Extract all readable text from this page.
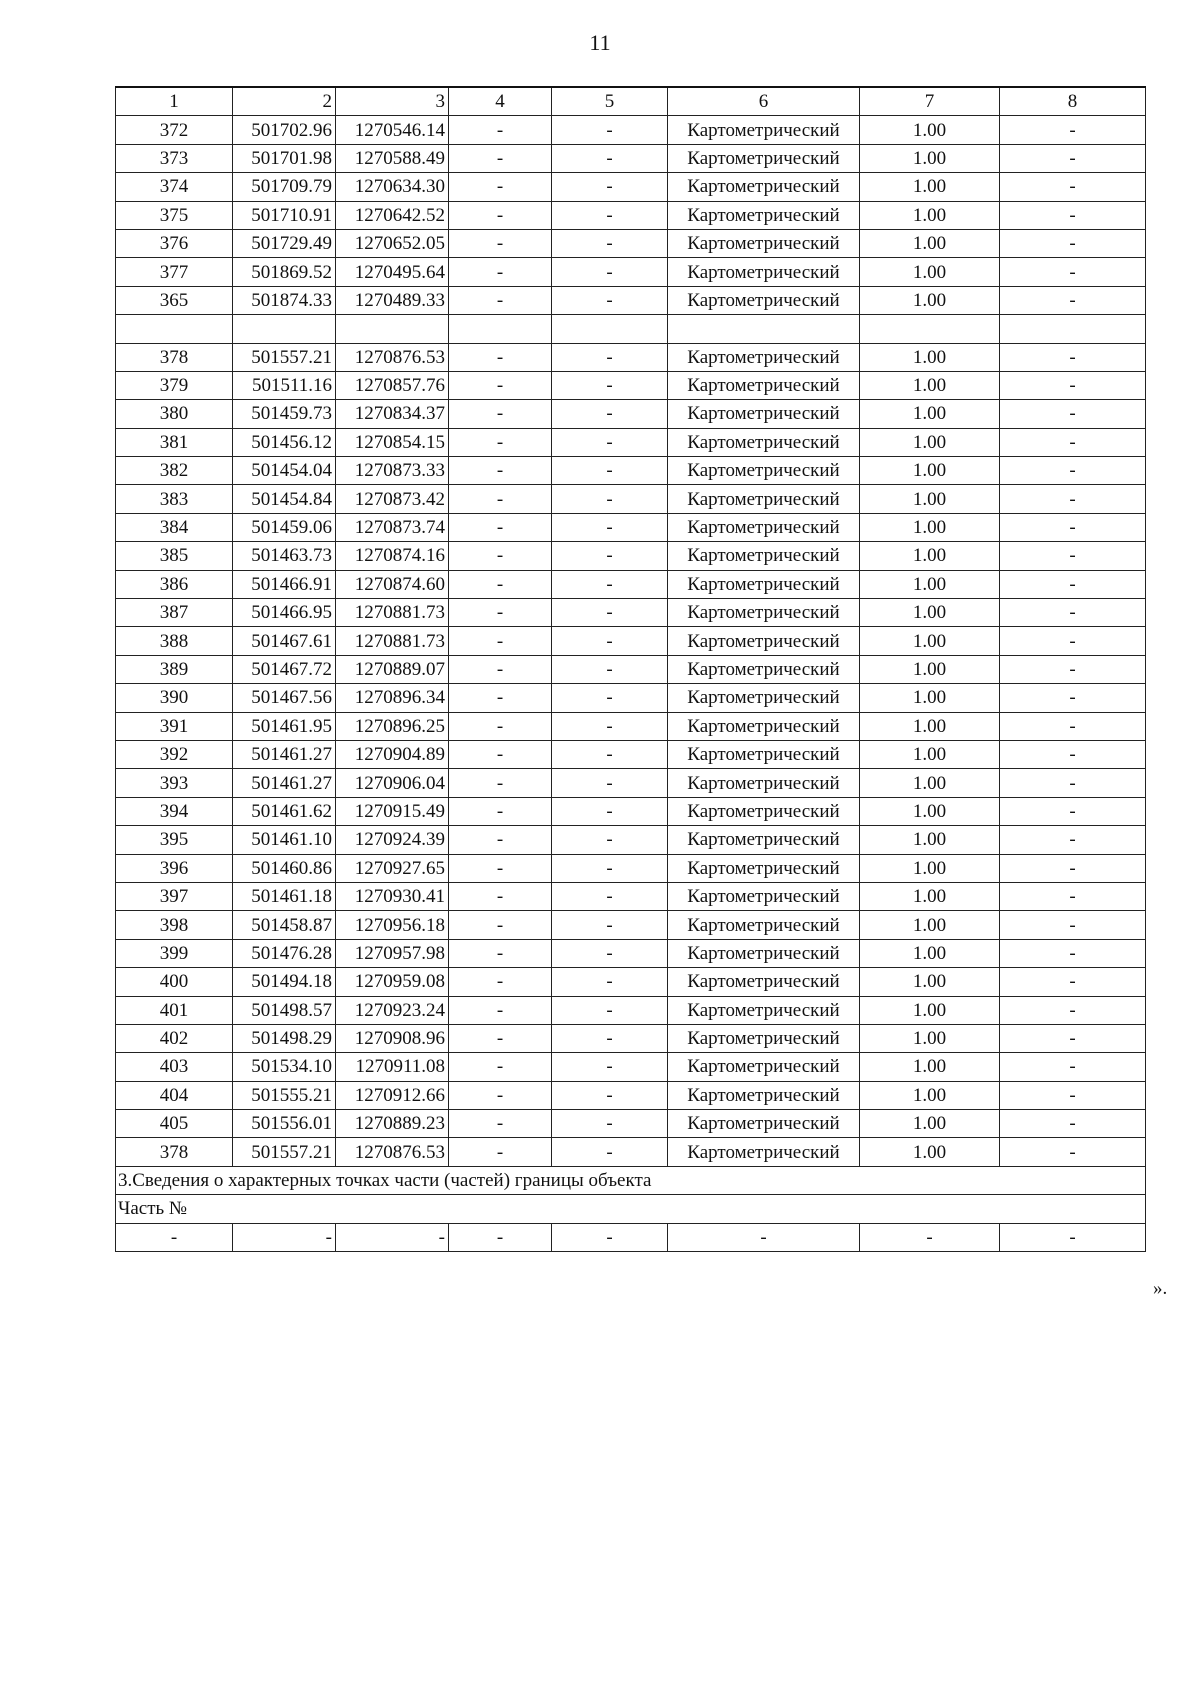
11
1	2	3	4	5	6	7	8
372	501702.96	1270546.14	-	-	Картометрический	1.00	-
373	501701.98	1270588.49	-	-	Картометрический	1.00	-
374	501709.79	1270634.30	-	-	Картометрический	1.00	-
375	501710.91	1270642.52	-	-	Картометрический	1.00	-
376	501729.49	1270652.05	-	-	Картометрический	1.00	-
377	501869.52	1270495.64	-	-	Картометрический	1.00	-
365	501874.33	1270489.33	-	-	Картометрический	1.00	-

378	501557.21	1270876.53	-	-	Картометрический	1.00	-
379	501511.16	1270857.76	-	-	Картометрический	1.00	-
380	501459.73	1270834.37	-	-	Картометрический	1.00	-
381	501456.12	1270854.15	-	-	Картометрический	1.00	-
382	501454.04	1270873.33	-	-	Картометрический	1.00	-
383	501454.84	1270873.42	-	-	Картометрический	1.00	-
384	501459.06	1270873.74	-	-	Картометрический	1.00	-
385	501463.73	1270874.16	-	-	Картометрический	1.00	-
386	501466.91	1270874.60	-	-	Картометрический	1.00	-
387	501466.95	1270881.73	-	-	Картометрический	1.00	-
388	501467.61	1270881.73	-	-	Картометрический	1.00	-
389	501467.72	1270889.07	-	-	Картометрический	1.00	-
390	501467.56	1270896.34	-	-	Картометрический	1.00	-
391	501461.95	1270896.25	-	-	Картометрический	1.00	-
392	501461.27	1270904.89	-	-	Картометрический	1.00	-
393	501461.27	1270906.04	-	-	Картометрический	1.00	-
394	501461.62	1270915.49	-	-	Картометрический	1.00	-
395	501461.10	1270924.39	-	-	Картометрический	1.00	-
396	501460.86	1270927.65	-	-	Картометрический	1.00	-
397	501461.18	1270930.41	-	-	Картометрический	1.00	-
398	501458.87	1270956.18	-	-	Картометрический	1.00	-
399	501476.28	1270957.98	-	-	Картометрический	1.00	-
400	501494.18	1270959.08	-	-	Картометрический	1.00	-
401	501498.57	1270923.24	-	-	Картометрический	1.00	-
402	501498.29	1270908.96	-	-	Картометрический	1.00	-
403	501534.10	1270911.08	-	-	Картометрический	1.00	-
404	501555.21	1270912.66	-	-	Картометрический	1.00	-
405	501556.01	1270889.23	-	-	Картометрический	1.00	-
378	501557.21	1270876.53	-	-	Картометрический	1.00	-
3.Сведения о характерных точках части (частей) границы объекта							
Часть №							
-	-	-	-	-	-	-	-
».
